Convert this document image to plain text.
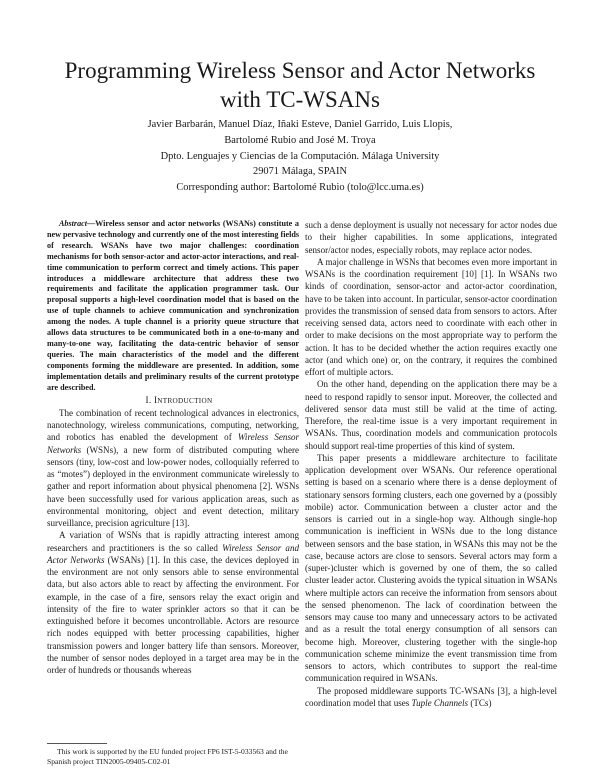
Programming Wireless Sensor and Actor Networks
with TC-WSANs
Javier Barbarán, Manuel Díaz, Iñaki Esteve, Daniel Garrido, Luis Llopis,
Bartolomé Rubio and José M. Troya
Dpto. Lenguajes y Ciencias de la Computación. Málaga University
29071 Málaga, SPAIN
Corresponding author: Bartolomé Rubio (tolo@lcc.uma.es)

Abstract—Wireless sensor and actor networks (WSANs) constitute a new pervasive technology and currently one of the most interesting fields of research. WSANs have two major challenges: coordination mechanisms for both sensor-actor and actor-actor interactions, and real-time communication to perform correct and timely actions. This paper introduces a middleware architecture that address these two requirements and facilitate the application programmer task. Our proposal supports a high-level coordination model that is based on the use of tuple channels to achieve communication and synchronization among the nodes. A tuple channel is a priority queue structure that allows data structures to be communicated both in a one-to-many and many-to-one way, facilitating the data-centric behavior of sensor queries. The main characteristics of the model and the different components forming the middleware are presented. In addition, some implementation details and preliminary results of the current prototype are described.

I. INTRODUCTION

The combination of recent technological advances in electronics, nanotechnology, wireless communications, computing, networking, and robotics has enabled the development of Wireless Sensor Networks (WSNs), a new form of distributed computing where sensors (tiny, low-cost and low-power nodes, colloquially referred to as “motes”) deployed in the environment communicate wirelessly to gather and report information about physical phenomena [2]. WSNs have been successfully used for various application areas, such as environmental monitoring, object and event detection, military surveillance, precision agriculture [13].

A variation of WSNs that is rapidly attracting interest among researchers and practitioners is the so called Wireless Sensor and Actor Networks (WSANs) [1]. In this case, the devices deployed in the environment are not only sensors able to sense environmental data, but also actors able to react by affecting the environment. For example, in the case of a fire, sensors relay the exact origin and intensity of the fire to water sprinkler actors so that it can be extinguished before it becomes uncontrollable. Actors are resource rich nodes equipped with better processing capabilities, higher transmission powers and longer battery life than sensors. Moreover, the number of sensor nodes deployed in a target area may be in the order of hundreds or thousands whereas

such a dense deployment is usually not necessary for actor nodes due to their higher capabilities. In some applications, integrated sensor/actor nodes, especially robots, may replace actor nodes.

A major challenge in WSNs that becomes even more important in WSANs is the coordination requirement [10] [1]. In WSANs two kinds of coordination, sensor-actor and actor-actor coordination, have to be taken into account. In particular, sensor-actor coordination provides the transmission of sensed data from sensors to actors. After receiving sensed data, actors need to coordinate with each other in order to make decisions on the most appropriate way to perform the action. It has to be decided whether the action requires exactly one actor (and which one) or, on the contrary, it requires the combined effort of multiple actors.

On the other hand, depending on the application there may be a need to respond rapidly to sensor input. Moreover, the collected and delivered sensor data must still be valid at the time of acting. Therefore, the real-time issue is a very important requirement in WSANs. Thus, coordination models and communication protocols should support real-time properties of this kind of system.

This paper presents a middleware architecture to facilitate application development over WSANs. Our reference operational setting is based on a scenario where there is a dense deployment of stationary sensors forming clusters, each one governed by a (possibly mobile) actor. Communication between a cluster actor and the sensors is carried out in a single-hop way. Although single-hop communication is inefficient in WSNs due to the long distance between sensors and the base station, in WSANs this may not be the case, because actors are close to sensors. Several actors may form a (super-)cluster which is governed by one of them, the so called cluster leader actor. Clustering avoids the typical situation in WSANs where multiple actors can receive the information from sensors about the sensed phenomenon. The lack of coordination between the sensors may cause too many and unnecessary actors to be activated and as a result the total energy consumption of all sensors can become high. Moreover, clustering together with the single-hop communication scheme minimize the event transmission time from sensors to actors, which contributes to support the real-time communication required in WSANs.

The proposed middleware supports TC-WSANs [3], a high-level coordination model that uses Tuple Channels (TCs)

This work is supported by the EU funded project FP6 IST-5-033563 and the Spanish project TIN2005-09405-C02-01
